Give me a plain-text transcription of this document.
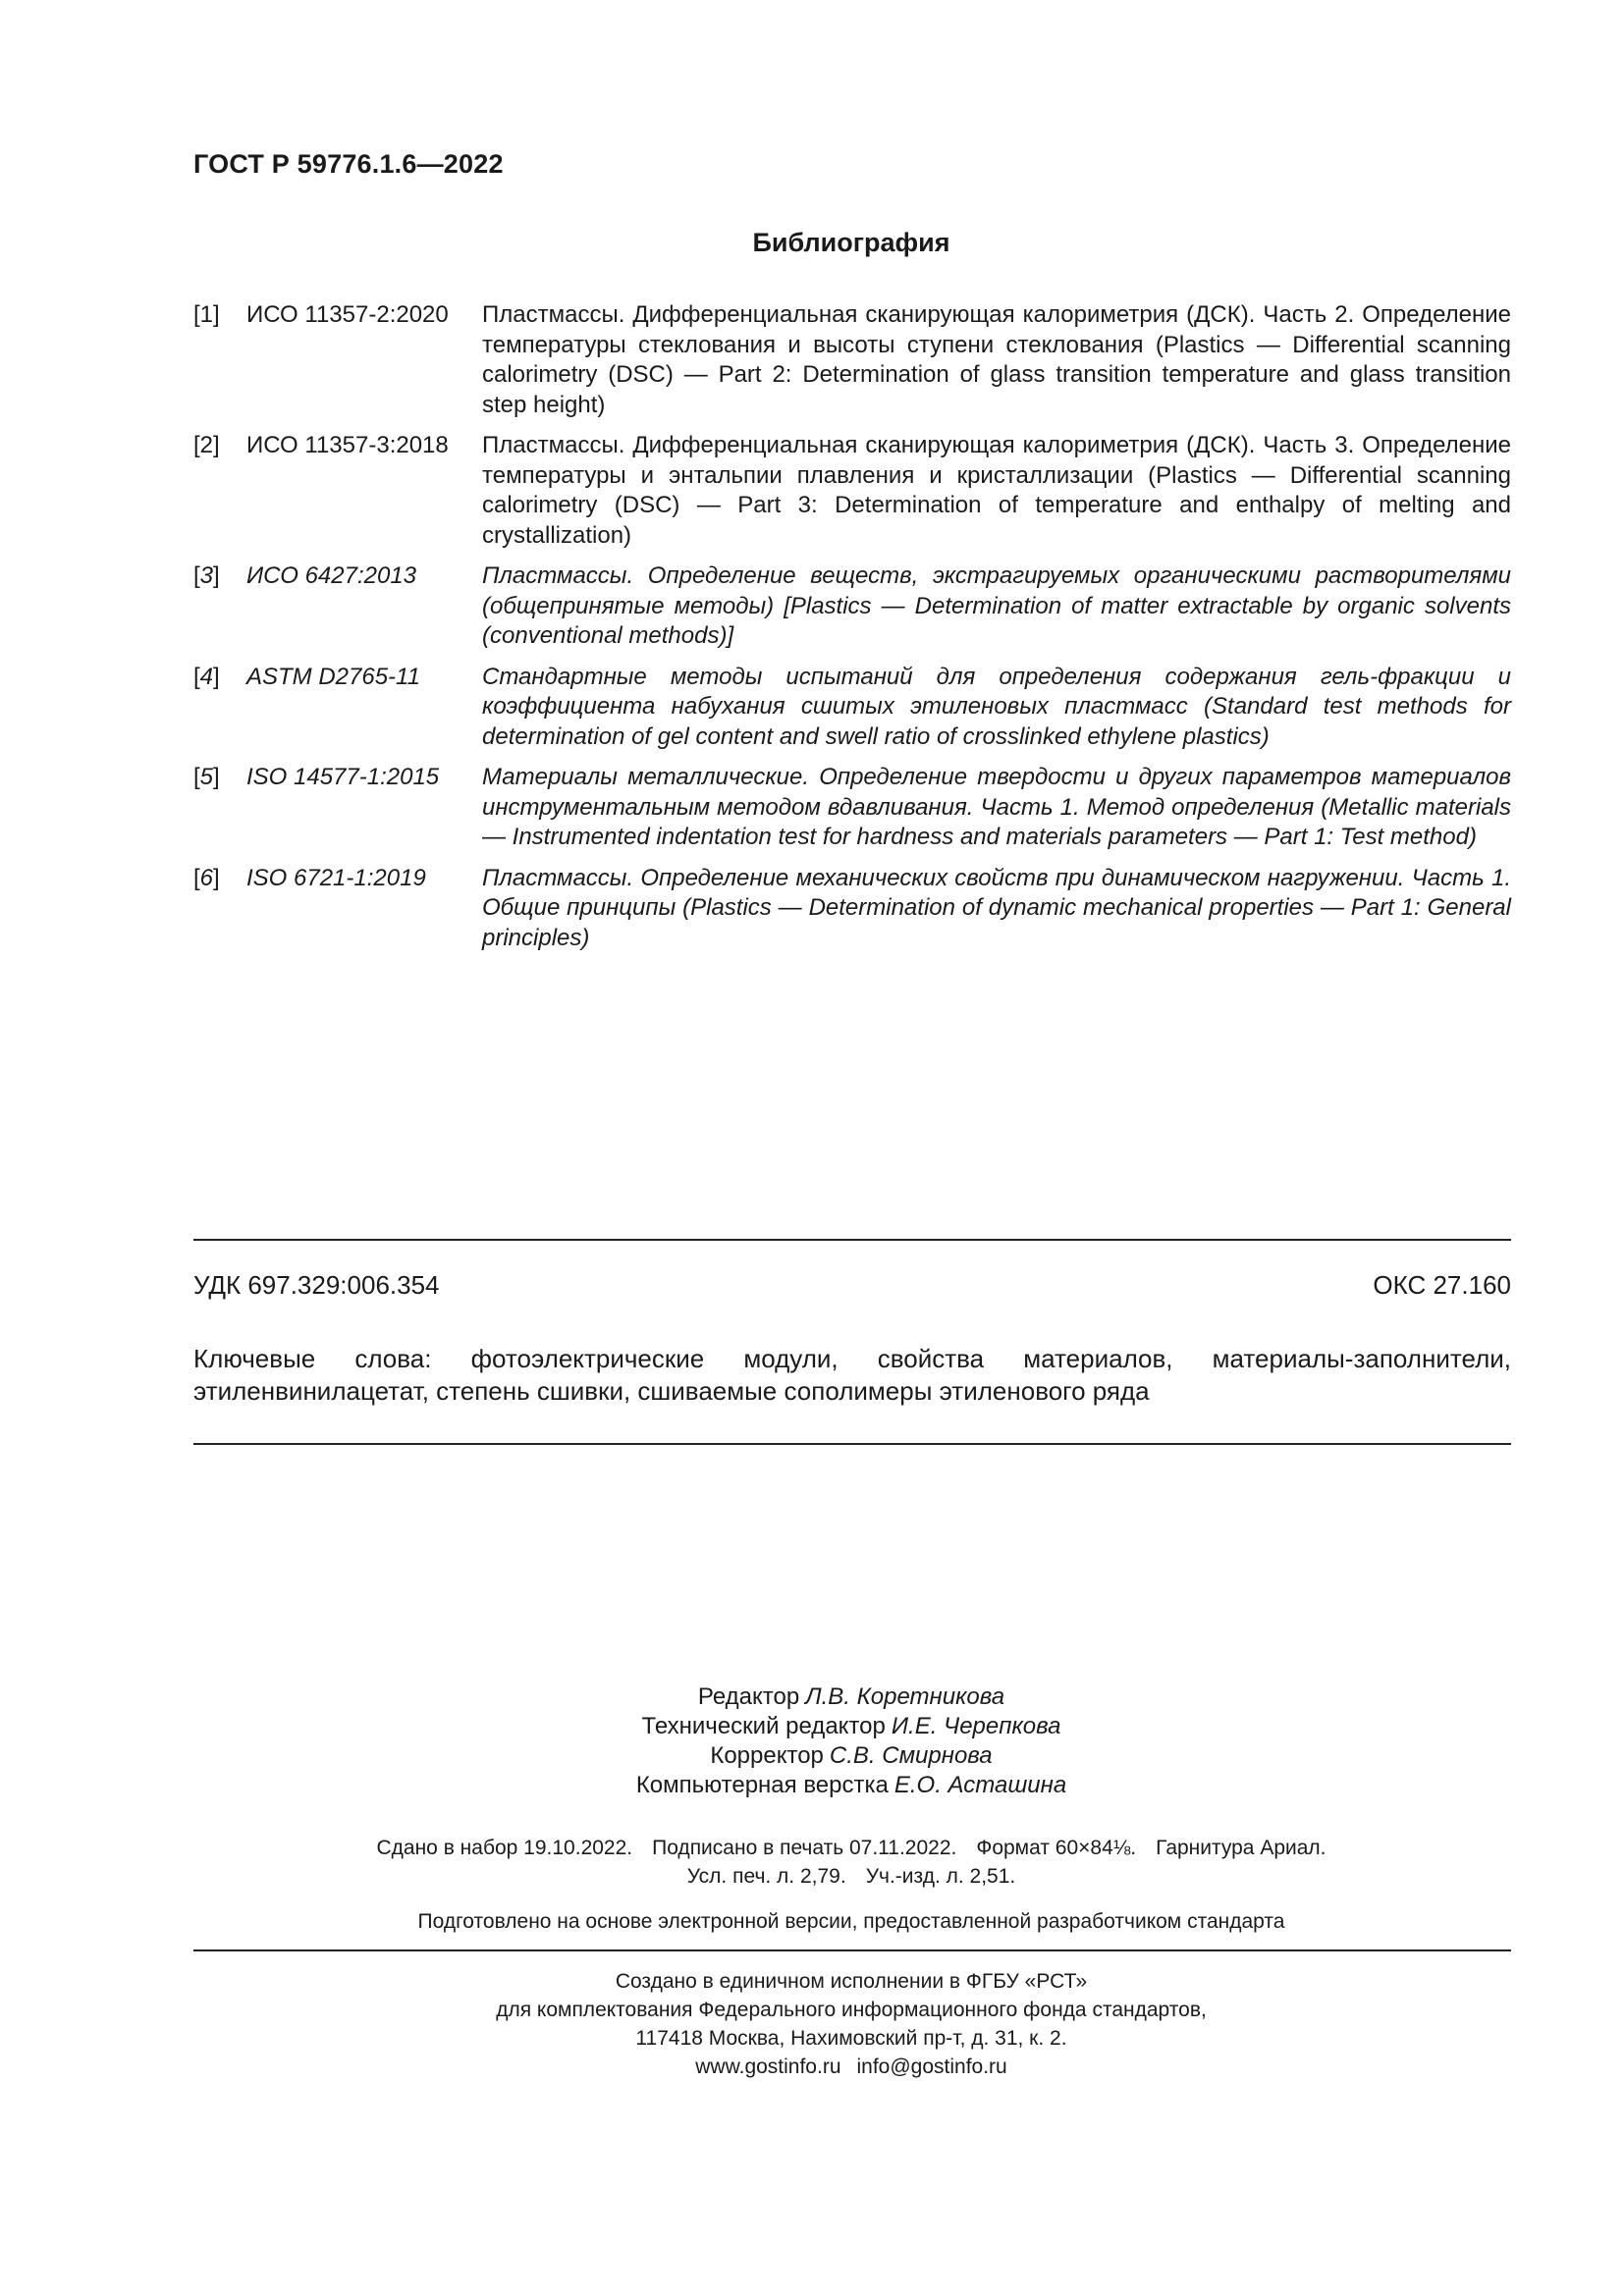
ГОСТ Р 59776.1.6—2022
Библиография
[1]	ИСО 11357-2:2020	Пластмассы. Дифференциальная сканирующая калориметрия (ДСК). Часть 2. Определение температуры стеклования и высоты ступени стеклования (Plastics — Differential scanning calorimetry (DSC) — Part 2: Determination of glass transition temperature and glass transition step height)
[2]	ИСО 11357-3:2018	Пластмассы. Дифференциальная сканирующая калориметрия (ДСК). Часть 3. Определение температуры и энтальпии плавления и кристаллизации (Plastics — Differential scanning calorimetry (DSC) — Part 3: Determination of temperature and enthalpy of melting and crystallization)
[3]	ИСО 6427:2013	Пластмассы. Определение веществ, экстрагируемых органическими растворителями (общепринятые методы) [Plastics — Determination of matter extractable by organic solvents (conventional methods)]
[4]	ASTM D2765-11	Стандартные методы испытаний для определения содержания гель-фракции и коэффициента набухания сшитых этиленовых пластмасс (Standard test methods for determination of gel content and swell ratio of crosslinked ethylene plastics)
[5]	ISO 14577-1:2015	Материалы металлические. Определение твердости и других параметров материалов инструментальным методом вдавливания. Часть 1. Метод определения (Metallic materials — Instrumented indentation test for hardness and materials parameters — Part 1: Test method)
[6]	ISO 6721-1:2019	Пластмассы. Определение механических свойств при динамическом нагружении. Часть 1. Общие принципы (Plastics — Determination of dynamic mechanical properties — Part 1: General principles)
УДК 697.329:006.354	ОКС 27.160
Ключевые слова: фотоэлектрические модули, свойства материалов, материалы-заполнители, этиленвинилацетат, степень сшивки, сшиваемые сополимеры этиленового ряда
Редактор Л.В. Коретникова
Технический редактор И.Е. Черепкова
Корректор С.В. Смирнова
Компьютерная верстка Е.О. Асташина
Сдано в набор 19.10.2022. Подписано в печать 07.11.2022. Формат 60×84⅛. Гарнитура Ариал.
Усл. печ. л. 2,79. Уч.-изд. л. 2,51.
Подготовлено на основе электронной версии, предоставленной разработчиком стандарта
Создано в единичном исполнении в ФГБУ «РСТ»
для комплектования Федерального информационного фонда стандартов,
117418 Москва, Нахимовский пр-т, д. 31, к. 2.
www.gostinfo.ru info@gostinfo.ru
